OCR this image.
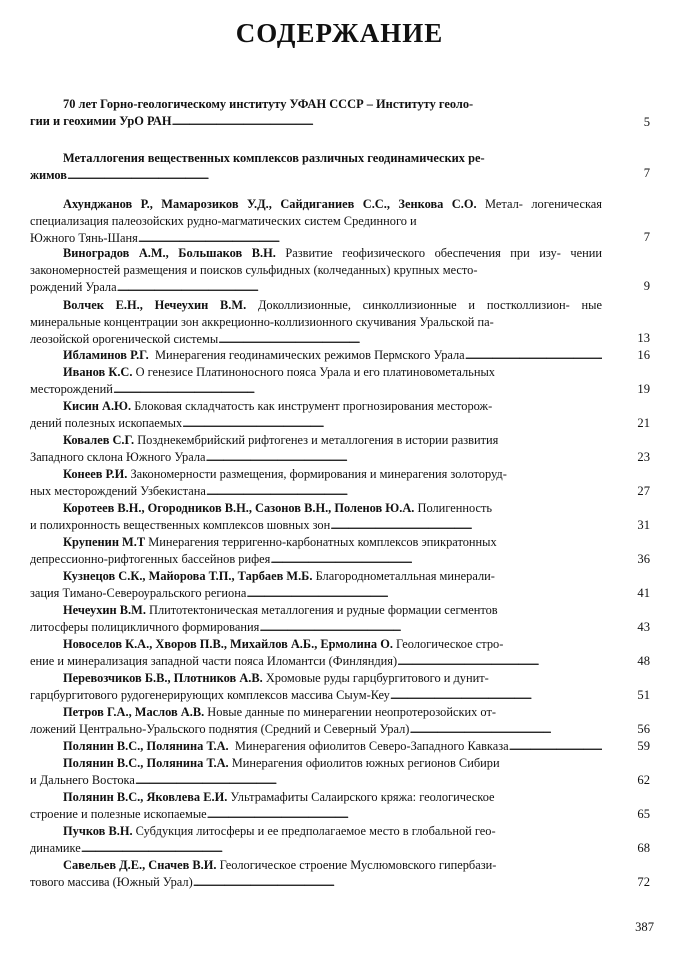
СОДЕРЖАНИЕ
70 лет Горно-геологическому институту УФАН СССР – Институту геоло-
гии и геохимии УрО РАН . . .	5
Металлогения вещественных комплексов различных геодинамических ре-
жимов . . .	7
Ахунджанов Р., Мамарозиков У.Д., Сайдиганиев С.С., Зенкова С.О. Метал- логеническая специализация палеозойских рудно-магматических систем Срединного и
Южного Тянь-Шаня . . .	7
Виноградов А.М., Большаков В.Н. Развитие геофизического обеспечения при изу- чении закономерностей размещения и поисков сульфидных (колчеданных) крупных место-
рождений Урала . . .	9
Волчек Е.Н., Нечеухин В.М. Доколлизионные, синколлизионные и постколлизион- ные минеральные концентрации зон аккреционно-коллизионного скучивания Уральской па-
леозойской орогенической системы . . .	13
Ибламинов Р.Г. Минерагения геодинамических режимов Пермского Урала . . .	16
Иванов К.С. О генезисе Платиноносного пояса Урала и его платиновометальных
месторождений . . .	19
Кисин А.Ю. Блоковая складчатость как инструмент прогнозирования месторож-
дений полезных ископаемых . . .	21
Ковалев С.Г. Позднекембрийский рифтогенез и металлогения в истории развития
Западного склона Южного Урала . . .	23
Конеев Р.И. Закономерности размещения, формирования и минерагения золоторуд-
ных месторождений Узбекистана . . .	27
Коротеев В.Н., Огородников В.Н., Сазонов В.Н., Поленов Ю.А. Полигенность
и полихронность вещественных комплексов шовных зон . . .	31
Крупенин М.Т Минерагения терригенно-карбонатных комплексов эпикратонных
депрессионно-рифтогенных бассейнов рифея . . .	36
Кузнецов С.К., Майорова Т.П., Тарбаев М.Б. Благороднометалльная минерали-
зация Тимано-Североуральского региона . . .	41
Нечеухин В.М. Плитотектоническая металлогения и рудные формации сегментов
литосферы полицикличного формирования . . .	43
Новоселов К.А., Хворов П.В., Михайлов А.Б., Ермолина О. Геологическое стро-
ение и минерализация западной части пояса Иломантси (Финляндия) . . .	48
Перевозчиков Б.В., Плотников А.В. Хромовые руды гарцбургитового и дунит-
гарцбургитового рудогенерирующих комплексов массива Сыум-Кеу . . .	51
Петров Г.А., Маслов А.В. Новые данные по минерагении неопротерозойских от-
ложений Центрально-Уральского поднятия (Средний и Северный Урал) . . .	56
Полянин В.С., Полянина Т.А. Минерагения офиолитов Северо-Западного Кавказа . . .	59
Полянин В.С., Полянина Т.А. Минерагения офиолитов южных регионов Сибири
и Дальнего Востока . . .	62
Полянин В.С., Яковлева Е.И. Ультрамафиты Салаирского кряжа: геологическое
строение и полезные ископаемые . . .	65
Пучков В.Н. Субдукция литосферы и ее предполагаемое место в глобальной гео-
динамике . . .	68
Савельев Д.Е., Сначев В.И. Геологическое строение Муслюмовского гипербази-
тового массива (Южный Урал) . . .	72
387
